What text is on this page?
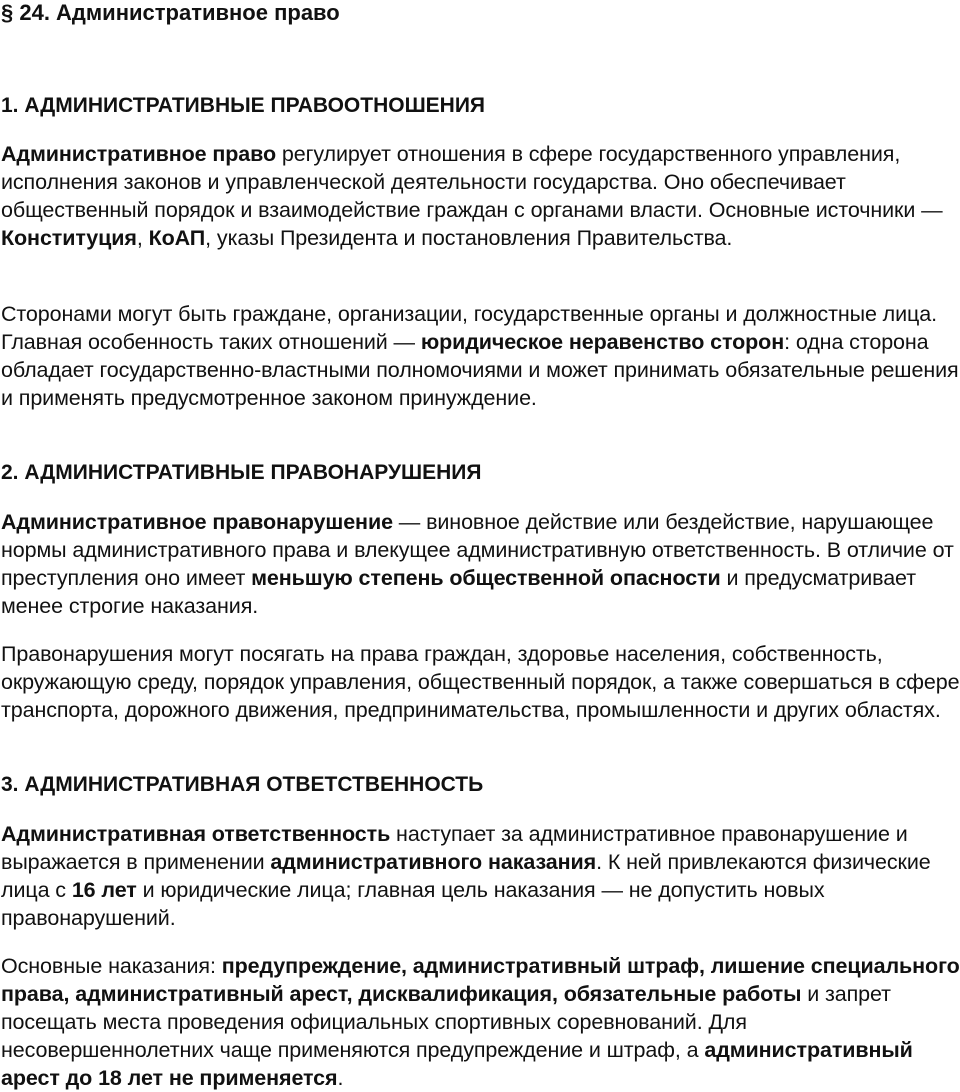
§ 24. Административное право
1. АДМИНИСТРАТИВНЫЕ ПРАВООТНОШЕНИЯ

Административное право регулирует отношения в сфере государственного управления, исполнения законов и управленческой деятельности государства. Оно обеспечивает общественный порядок и взаимодействие граждан с органами власти. Основные источники — Конституция, КоАП, указы Президента и постановления Правительства.

Сторонами могут быть граждане, организации, государственные органы и должностные лица. Главная особенность таких отношений — юридическое неравенство сторон: одна сторона обладает государственно-властными полномочиями и может принимать обязательные решения и применять предусмотренное законом принуждение.

2. АДМИНИСТРАТИВНЫЕ ПРАВОНАРУШЕНИЯ

Административное правонарушение — виновное действие или бездействие, нарушающее нормы административного права и влекущее административную ответственность. В отличие от преступления оно имеет меньшую степень общественной опасности и предусматривает менее строгие наказания.

Правонарушения могут посягать на права граждан, здоровье населения, собственность, окружающую среду, порядок управления, общественный порядок, а также совершаться в сфере транспорта, дорожного движения, предпринимательства, промышленности и других областях.

3. АДМИНИСТРАТИВНАЯ ОТВЕТСТВЕННОСТЬ

Административная ответственность наступает за административное правонарушение и выражается в применении административного наказания. К ней привлекаются физические лица с 16 лет и юридические лица; главная цель наказания — не допустить новых правонарушений.

Основные наказания: предупреждение, административный штраф, лишение специального права, административный арест, дисквалификация, обязательные работы и запрет посещать места проведения официальных спортивных соревнований. Для несовершеннолетних чаще применяются предупреждение и штраф, а административный арест до 18 лет не применяется.
